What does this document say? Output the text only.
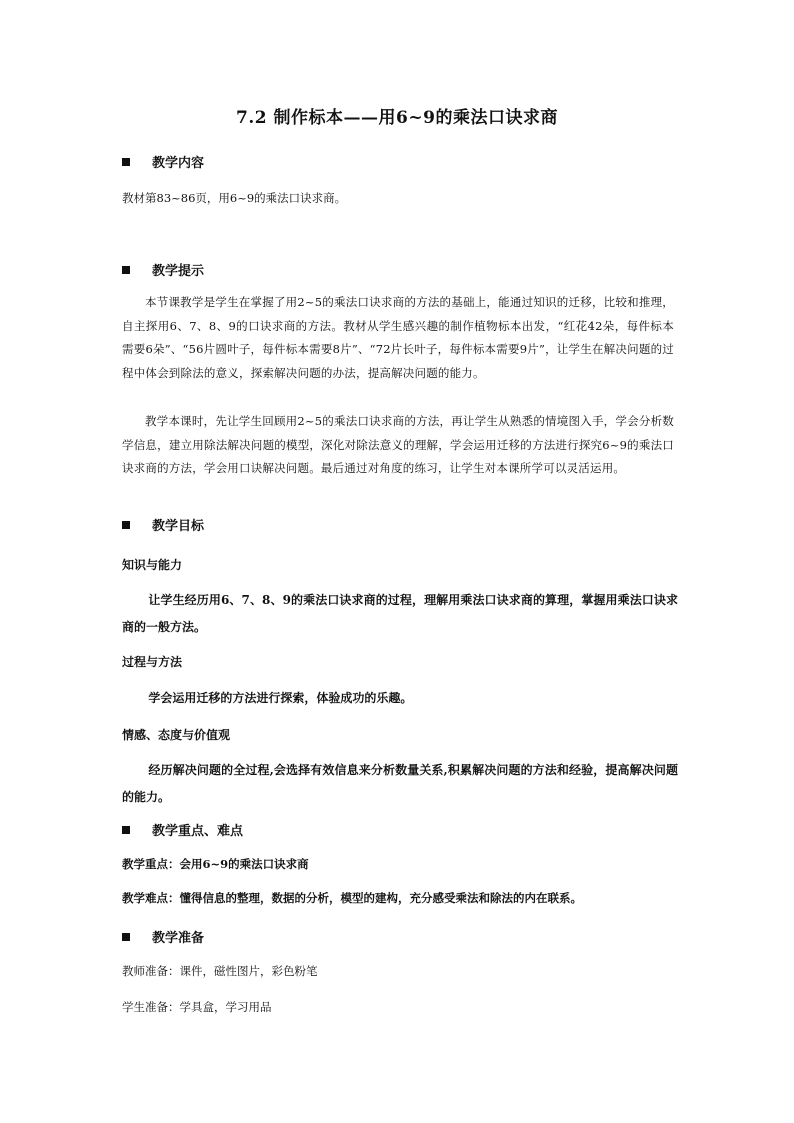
7.2 制作标本——用6~9的乘法口诀求商
教学内容
教材第83~86页，用6~9的乘法口诀求商。
教学提示
本节课教学是学生在掌握了用2~5的乘法口诀求商的方法的基础上，能通过知识的迁移，比较和推理，自主探用6、7、8、9的口诀求商的方法。教材从学生感兴趣的制作植物标本出发，“红花42朵，每件标本需要6朵”、“56片圆叶子，每件标本需要8片”、“72片长叶子，每件标本需要9片”，让学生在解决问题的过程中体会到除法的意义，探索解决问题的办法，提高解决问题的能力。
教学本课时，先让学生回顾用2~5的乘法口诀求商的方法，再让学生从熟悉的情境图入手，学会分析数学信息，建立用除法解决问题的模型，深化对除法意义的理解，学会运用迁移的方法进行探究6~9的乘法口诀求商的方法，学会用口诀解决问题。最后通过对角度的练习，让学生对本课所学可以灵活运用。
教学目标
知识与能力
让学生经历用6、7、8、9的乘法口诀求商的过程，理解用乘法口诀求商的算理，掌握用乘法口诀求商的一般方法。
过程与方法
学会运用迁移的方法进行探索，体验成功的乐趣。
情感、态度与价值观
经历解决问题的全过程,会选择有效信息来分析数量关系,积累解决问题的方法和经验，提高解决问题的能力。
教学重点、难点
教学重点：会用6~9的乘法口诀求商
教学难点：懂得信息的整理，数据的分析，模型的建构，充分感受乘法和除法的内在联系。
教学准备
教师准备：课件，磁性图片，彩色粉笔
学生准备：学具盒，学习用品
